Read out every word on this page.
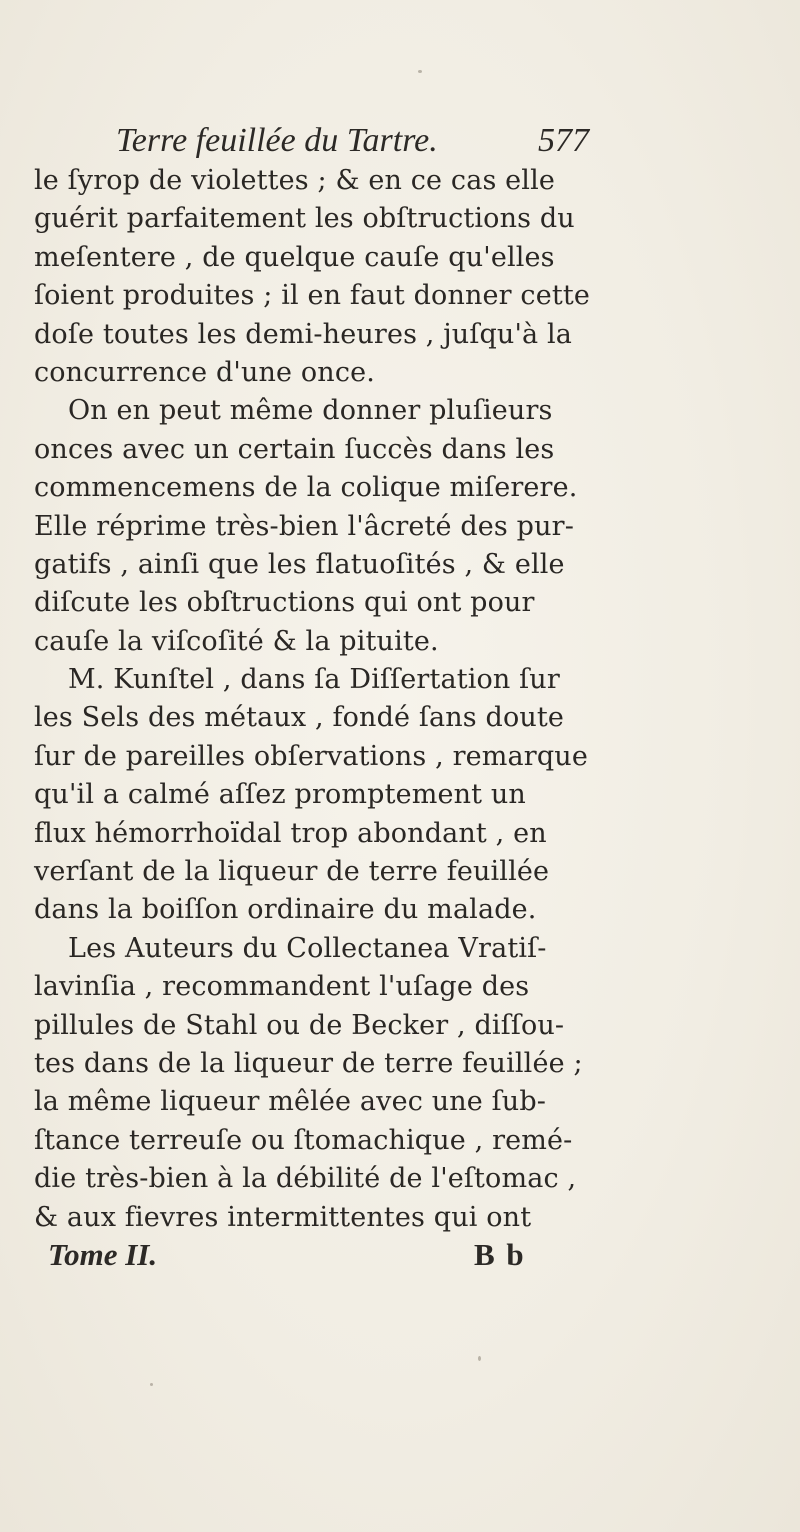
Terre feuillée du Tartre.	577
le ſyrop de violettes ; & en ce cas elle
guérit parfaitement les obſtructions du
meſentere , de quelque cauſe qu'elles
ſoient produites ; il en faut donner cette
doſe toutes les demi-heures , juſqu'à la
concurrence d'une once.
On en peut même donner pluſieurs
onces avec un certain ſuccès dans les
commencemens de la colique miſerere.
Elle réprime très-bien l'âcreté des pur-
gatifs , ainſi que les flatuoſités , & elle
diſcute les obſtructions qui ont pour
cauſe la viſcoſité & la pituite.
M. Kunſtel , dans ſa Diſſertation ſur
les Sels des métaux , fondé ſans doute
ſur de pareilles obſervations , remarque
qu'il a calmé aſſez promptement un
flux hémorrhoïdal trop abondant , en
verſant de la liqueur de terre feuillée
dans la boiſſon ordinaire du malade.
Les Auteurs du Collectanea Vratiſ-
lavinſia , recommandent l'uſage des
pillules de Stahl ou de Becker , diſſou-
tes dans de la liqueur de terre feuillée ;
la même liqueur mêlée avec une ſub-
ſtance terreuſe ou ſtomachique , remé-
die très-bien à la débilité de l'eſtomac ,
& aux fievres intermittentes qui ont
Tome II.	B b
